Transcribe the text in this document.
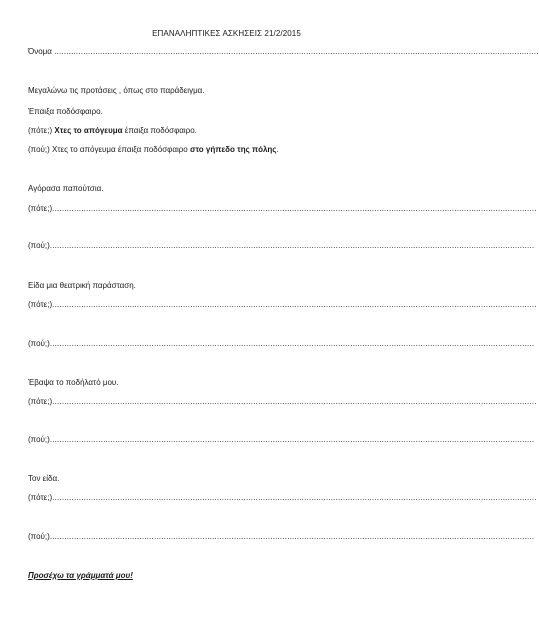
ΕΠΑΝΑΛΗΠΤΙΚΕΣ ΑΣΚΗΣΕΙΣ 21/2/2015
Όνομα ........................................................................................................................................................................................................
Μεγαλώνω τις προτάσεις , όπως στο παράδειγμα.
Έπαιξα ποδόσφαιρο.
(πότε;) Χτες το απόγευμα έπαιξα ποδόσφαιρο.
(πού;) Χτες το απόγευμα έπαιξα ποδόσφαιρο στο γήπεδο της πόλης.
Αγόρασα παπούτσια.
(πότε;)........................................................................................................................................................................................................
(πού;)........................................................................................................................................................................................................
Είδα μια θεατρική παράσταση.
(πότε;)........................................................................................................................................................................................................
(πού;)........................................................................................................................................................................................................
Έβαψα το ποδήλατό μου.
(πότε;)........................................................................................................................................................................................................
(πού;)........................................................................................................................................................................................................
Τον είδα.
(πότε;)........................................................................................................................................................................................................
(πού;)........................................................................................................................................................................................................
Προσέχω τα γράμματά μου!
